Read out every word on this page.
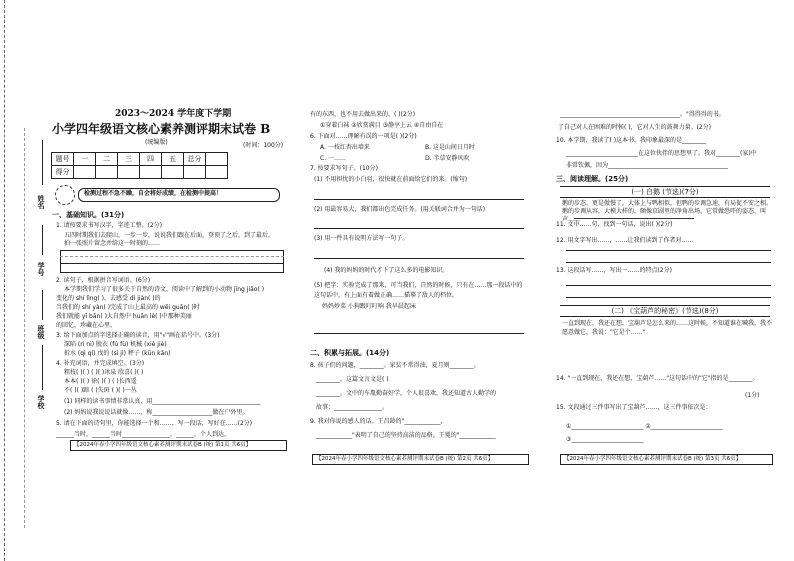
姓名
学号
班级
学校
2023～2024 学年度下学期
小学四年级语文核心素养测评期末试卷 B
(统编版)	(时间：100分)
题号	一	二	三	四	五	总分	
得分							
检测过程不急不躁，自会将好成绩，在检测中提高！
一、基础知识。(31分)
1. 请按要求书写汉字，字迹工整。(2分)
五四时期我们去爬山，一步一步，说说我们跟在后面，登顶了之后，到了最后，拍一张照片留念并给这一时刻的……
2. 读句子，根据拼音写词语。(6分)
本学期我们学习了很多关于自然的诗文，阅读中了解到的小动物 jīng jiǎo( )
变化的 shí lìng( )，去感受 dì jiàn( )的
当我们的 shí yàn( )完成了山上最高的 wēi guān( )时
我们就能 yī bān( )大自然中 huān lè( )中那种美丽
的回忆，珍藏在心里。
3. 给下面加点的字选择正确的读音，用"√"画在括号中。(3分)
深陷 (rì nì) 脱衣 (fú fù) 机械 (xiè jiè)
折水 (qì qí) 戊的 (sì jì) 秤子 (kūn kǎn)
4. 补充词语，并完成填空。(3分)
粗枝( )( ) ( )( )冰泉 欣喜( )( )
本本( )( ) 徐( )( ) ( )长西遥
不( )( )蹄 ( )失斑 ( )( )一丛
(1) 同样的读书事情非常认真，用____________________________________
(2) 妈妈说我说说话就像……，称____________________做在户外里。
5. 请在下面的诗句里，你能选择一个和……，写一段话，写好在……(2分)
______当时，______当时________________，______，个人到达，
【2024年春小学四年级语文核心素养测评期末试卷B (统) 第1页 共6页】
有的东西，也不用去做出来的。( )(2分)
①穿着白袜 ②欣赏满目 ③静享上云 ④自由自在
6. 下面对……理解有误的一项是( )(2分)
A. 一枝红杏出墙来	B. 这是山间日月时
C. 一……	D. 半草安静风吹
7. 按要求写句子。(10分)
(1) 不用担忧的小白羽，很快就在前面给它们的来。(缩句)
(2) 用最容易大，我们都出色完成任务。(用关联词合并为一句话)
(3) 用一件具有说明方法写一句子。
(4) 我的妈妈的时代才下了这么多的电影知识。
(5) 把字：实验完成了那来，可当我们，自然的时候，只有在……那一段话中的
这句话中，有上面有着做正确……描摹了敌人的档位。
妈妈炒菜 小狗跟叮叮响 我早晨起床
二、积累与拓展。(14分)
8. 孩子们的问题，________。家贫不常得油，夏月则________。
________。这篇文言文是( )
________。文中的车胤勤奋好学，个人很喜欢，我还知道古人勤学的
故事：________________。
9. 我对你说的感人的话。王昌龄的"____________，
____________"表明了自己的坚持高洁的品格。王冕的"____________
【2024年春小学四年级语文核心素养测评期末试卷B (统) 第2页 共6页】
________________________________________。"得得得的书。
了自己对人在困难的时候( )，它对人生的鼓舞力量。(2分)
10. 本学期，我读了( )这本书，我印象最深的是________
________________________在这位伙伴的思想里了。我对________(家)中
非常钦佩，因为________________________________________
三、阅读理解。(25分)
(一) 白鹅 (节选)(7分)
鹅的步态，更是傲慢了。大体上与鸭相似，但鸭的步调急速，有局促不安之相。鹅的步调从容，大模大样的，颇像京剧里的净角出场。它常做恐吓的姿态，叫声……
11. 文中……句，找到一句话，说出( )(2分)
12. 用文字写出……，……让我们读到了作者对……
13. 这段话写……，写出一……的特点(2分)
(二) 《宝葫芦的秘密》(节选)(8分)
一直到现在，我还在想，宝葫芦是怎么来的……这时候，不知道谁在喊我，我不愿意做它，我说："它是个……"
14. "一直到现在，我还在想，宝葫芦……"这句话中的"它"指的是________。
(1分)
15. 文段通过三件事写出了宝葫芦……，这三件事依次是：
①________________________ ②________________________
③________________________
【2024年春小学四年级语文核心素养测评期末试卷B (统) 第3页 共6页】
